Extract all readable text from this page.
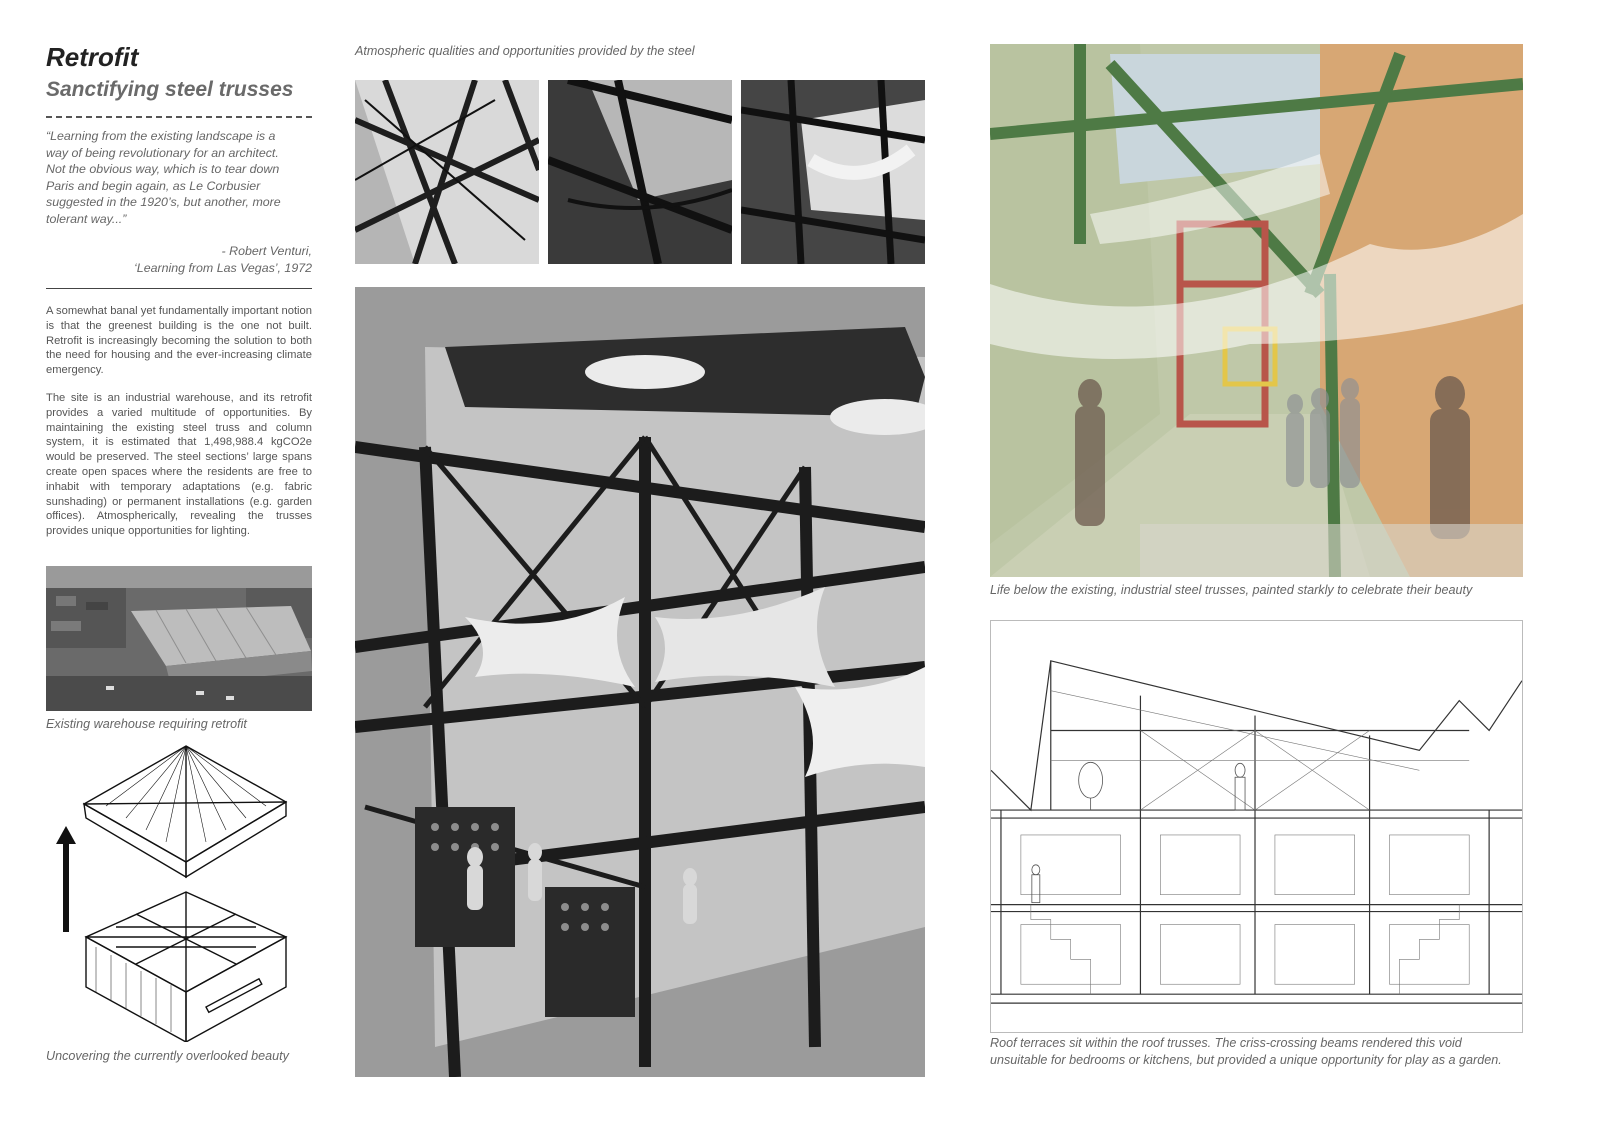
Retrofit
Sanctifying steel trusses

“Learning from the existing landscape is a

way of being revolutionary for an architect.

Not the obvious way, which is to tear down

Paris and begin again, as Le Corbusier

suggested in the 1920’s, but another, more

tolerant way...”

- Robert Venturi,
‘Learning from Las Vegas’, 1972

A somewhat banal yet fundamentally important notion is that the greenest building is the one not built. Retrofit is increasingly becoming the solution to both the need for housing and the ever-increasing climate emergency.

The site is an industrial warehouse, and its retrofit provides a varied multitude of opportunities. By maintaining the existing steel truss and column system, it is estimated that 1,498,988.4 kgCO2e would be preserved. The steel sections’ large spans create open spaces where the residents are free to inhabit with temporary adaptations (e.g. fabric sunshading) or permanent installations (e.g. garden offices). Atmospherically, revealing the trusses provides unique opportunities for lighting.

Existing warehouse requiring retrofit

Uncovering the currently overlooked beauty

Atmospheric qualities and opportunities provided by the steel

Life below the existing, industrial steel trusses, painted starkly to celebrate their beauty

Roof terraces sit within the roof trusses. The criss-crossing beams rendered this void

unsuitable for bedrooms or kitchens, but provided a unique opportunity for play as a garden.
